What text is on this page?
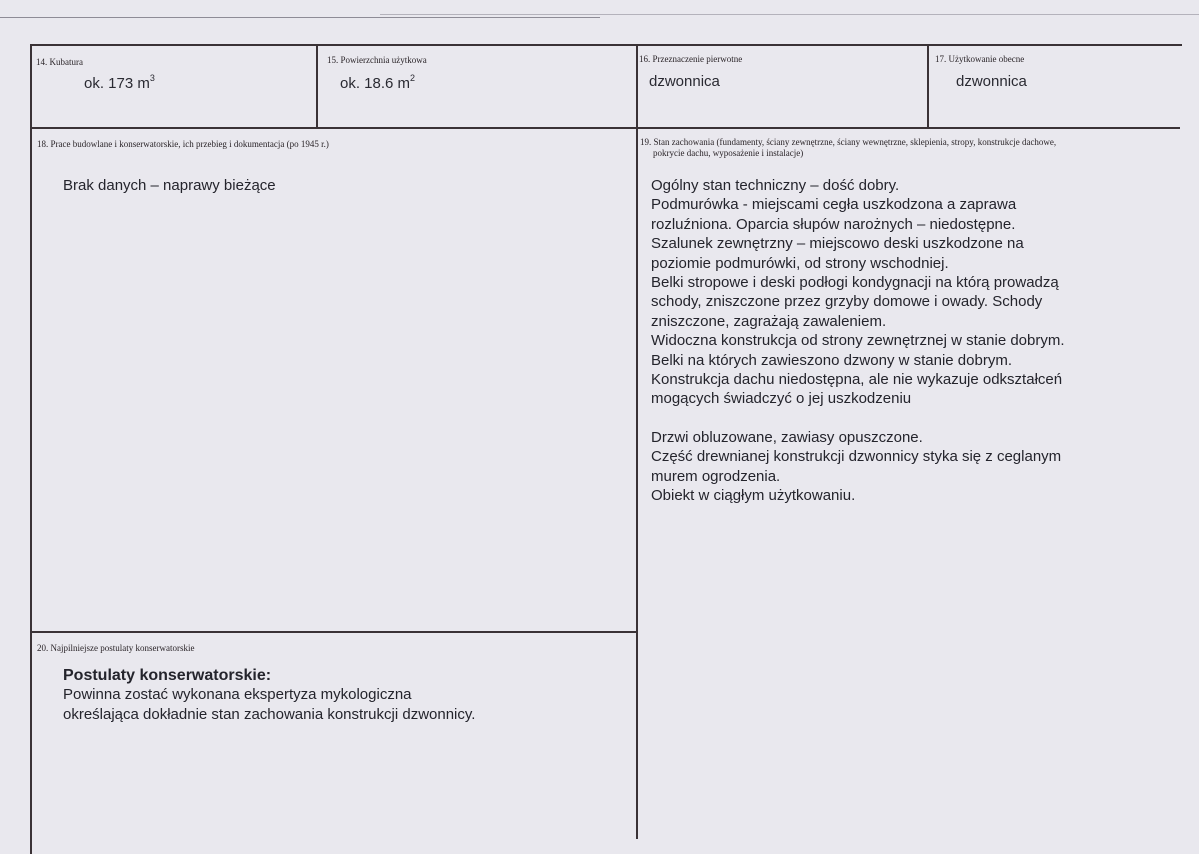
14. Kubatura
ok. 173 $m^3$
15. Powierzchnia użytkowa
ok. 18.6 $m^2$
16. Przeznaczenie pierwotne
dzwonnica
17. Użytkowanie obecne
dzwonnica
18. Prace budowlane i konserwatorskie, ich przebieg i dokumentacja (po 1945 r.)
Brak danych – naprawy bieżące
19. Stan zachowania (fundamenty, ściany zewnętrzne, ściany wewnętrzne, sklepienia, stropy, konstrukcje dachowe,
pokrycie dachu, wyposażenie i instalacje)
Ogólny stan techniczny – dość dobry.
Podmurówka - miejscami cegła uszkodzona a zaprawa
rozluźniona. Oparcia słupów narożnych – niedostępne.
Szalunek zewnętrzny – miejscowo deski uszkodzone na
poziomie podmurówki, od strony wschodniej.
Belki stropowe i deski podłogi kondygnacji na którą prowadzą
schody, zniszczone przez grzyby domowe i owady. Schody
zniszczone, zagrażają zawaleniem.
Widoczna konstrukcja od strony zewnętrznej w stanie dobrym.
Belki na których zawieszono dzwony w stanie dobrym.
Konstrukcja dachu niedostępna, ale nie wykazuje odkształceń
mogących świadczyć o jej uszkodzeniu
Drzwi obluzowane, zawiasy opuszczone.
Część drewnianej konstrukcji dzwonnicy styka się z ceglanym
murem ogrodzenia.
Obiekt w ciągłym użytkowaniu.
20. Najpilniejsze postulaty konserwatorskie
Postulaty konserwatorskie:
Powinna zostać wykonana ekspertyza mykologiczna
określająca dokładnie stan zachowania konstrukcji dzwonnicy.
